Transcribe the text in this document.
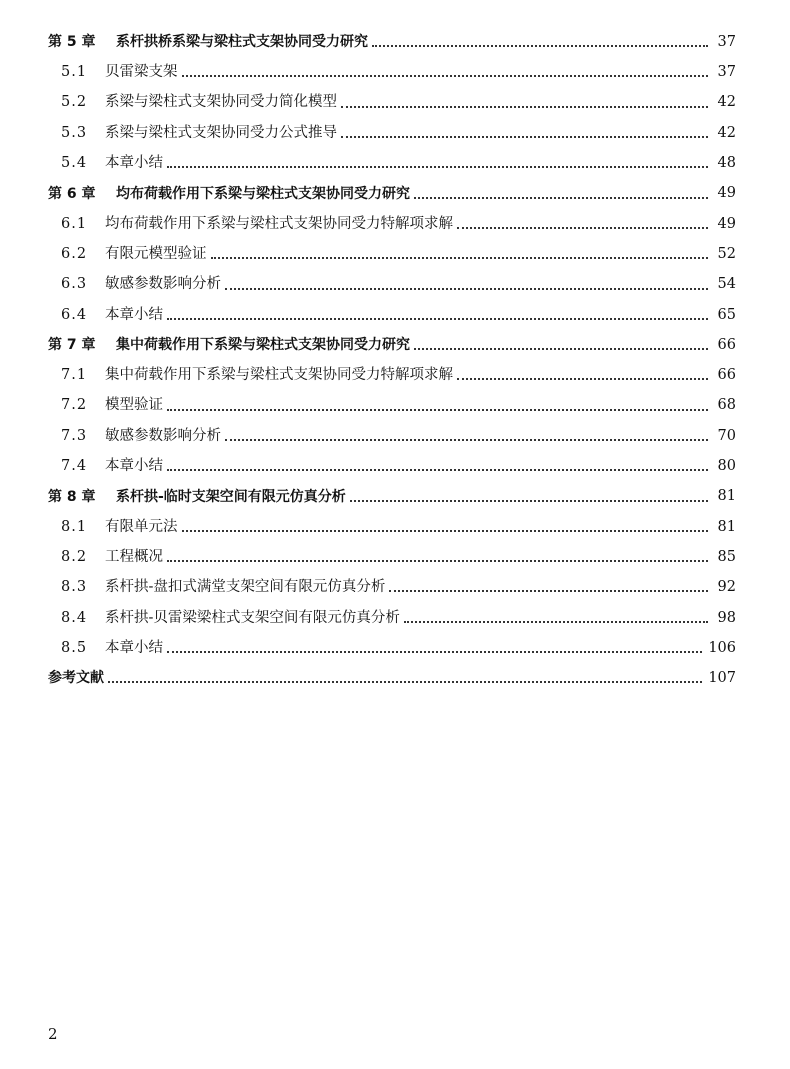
第 5 章	系杆拱桥系梁与梁柱式支架协同受力研究	37
5.1	贝雷梁支架	37
5.2	系梁与梁柱式支架协同受力简化模型	42
5.3	系梁与梁柱式支架协同受力公式推导	42
5.4	本章小结	48
第 6 章	均布荷载作用下系梁与梁柱式支架协同受力研究	49
6.1	均布荷载作用下系梁与梁柱式支架协同受力特解项求解	49
6.2	有限元模型验证	52
6.3	敏感参数影响分析	54
6.4	本章小结	65
第 7 章	集中荷载作用下系梁与梁柱式支架协同受力研究	66
7.1	集中荷载作用下系梁与梁柱式支架协同受力特解项求解	66
7.2	模型验证	68
7.3	敏感参数影响分析	70
7.4	本章小结	80
第 8 章	系杆拱-临时支架空间有限元仿真分析	81
8.1	有限单元法	81
8.2	工程概况	85
8.3	系杆拱-盘扣式满堂支架空间有限元仿真分析	92
8.4	系杆拱-贝雷梁梁柱式支架空间有限元仿真分析	98
8.5	本章小结	106
参考文献	107
2
